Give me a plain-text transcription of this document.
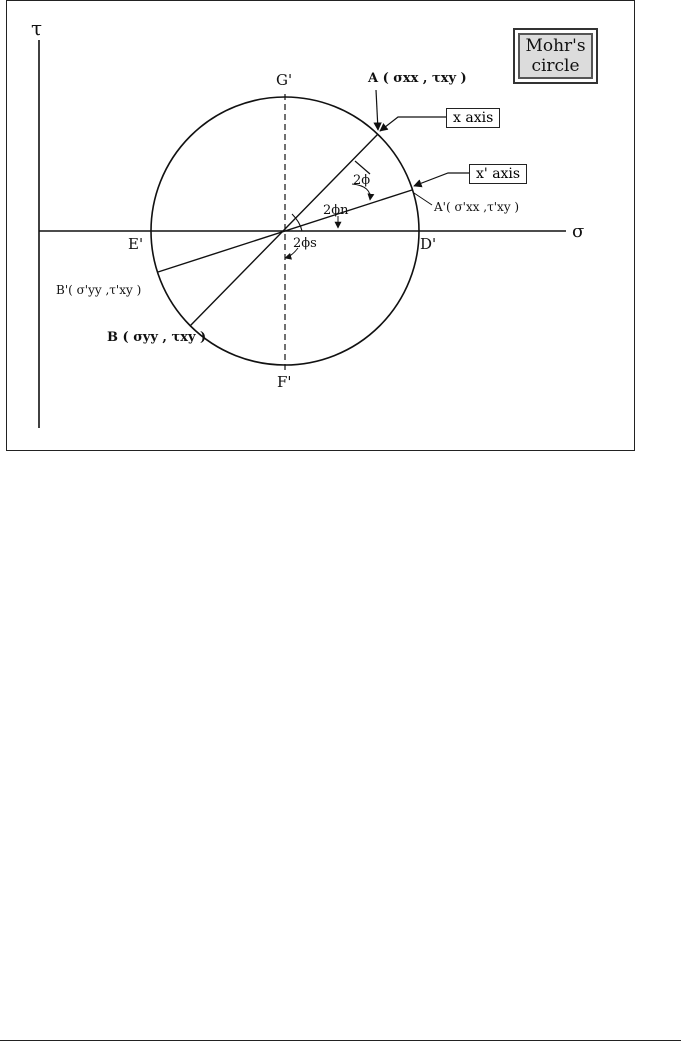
Mohr's
circle
τ
σ
G'
F'
E'	D'
A ( σxx , τxy )
A'( σ'xx ,τ'xy )
B ( σyy , τxy )
B'( σ'yy ,τ'xy )
x axis
x' axis
2ϕ
2ϕn
2ϕs
